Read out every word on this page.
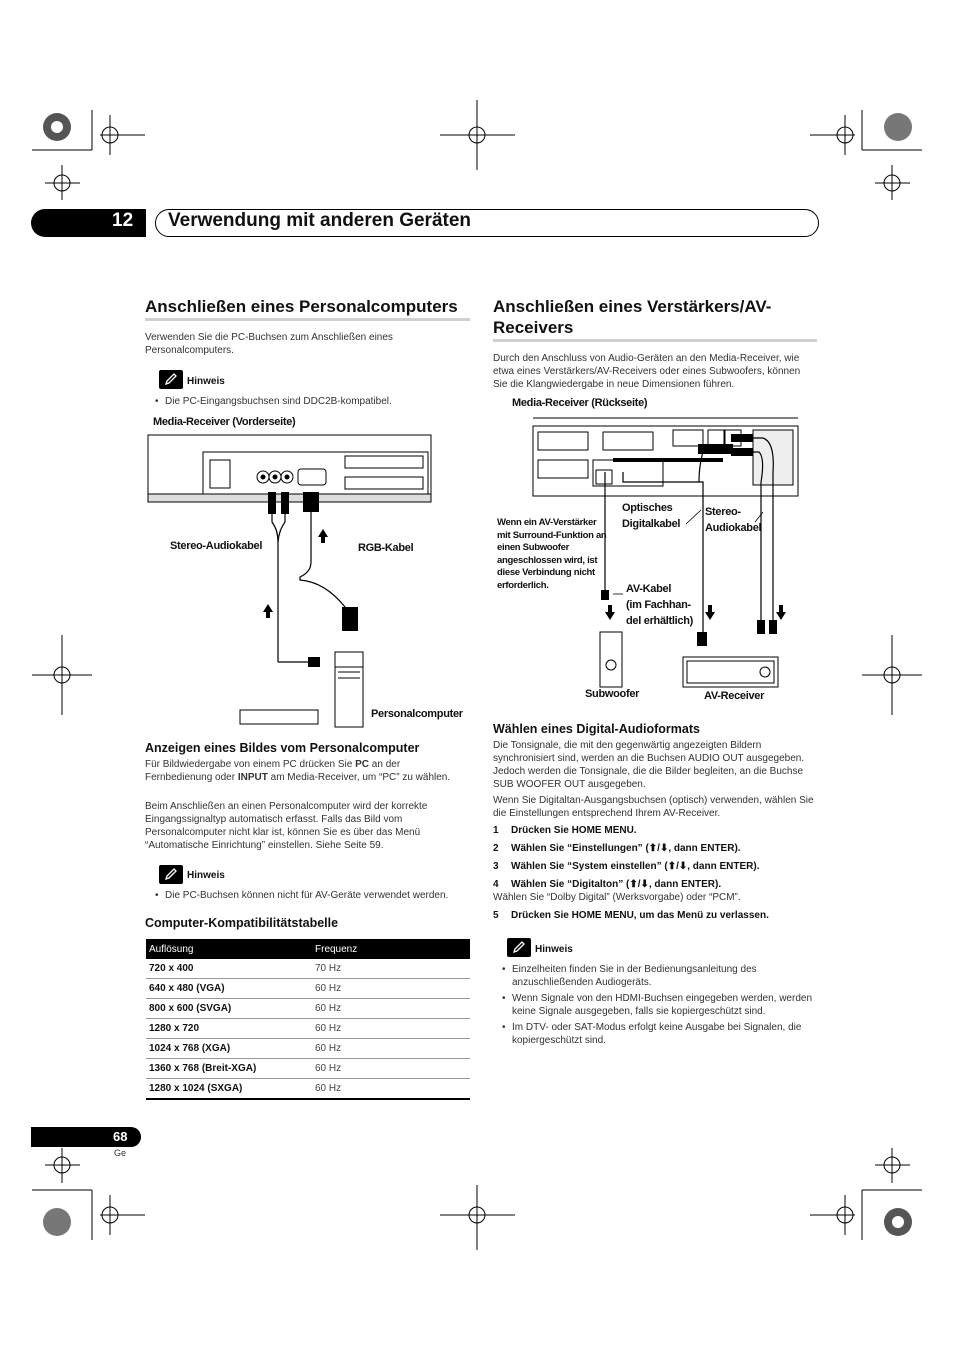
12 Verwendung mit anderen Geräten
Anschließen eines Personalcomputers

Verwenden Sie die PC-Buchsen zum Anschließen eines Personalcomputers.

Hinweis
• Die PC-Eingangsbuchsen sind DDC2B-kompatibel.
Media-Receiver (Vorderseite)
Stereo-Audiokabel	RGB-Kabel
Personalcomputer
Anzeigen eines Bildes vom Personalcomputer

Für Bildwiedergabe von einem PC drücken Sie PC an der Fernbedienung oder INPUT am Media-Receiver, um “PC” zu wählen.

Beim Anschließen an einen Personalcomputer wird der korrekte Eingangssignaltyp automatisch erfasst. Falls das Bild vom Personalcomputer nicht klar ist, können Sie es über das Menü “Automatische Einrichtung” einstellen. Siehe Seite 59.

Hinweis
• Die PC-Buchsen können nicht für AV-Geräte verwendet werden.
Computer-Kompatibilitätstabelle
Auflösung	Frequenz
720 x 400	70 Hz
640 x 480 (VGA)	60 Hz
800 x 600 (SVGA)	60 Hz
1280 x 720	60 Hz
1024 x 768 (XGA)	60 Hz
1360 x 768 (Breit-XGA)	60 Hz
1280 x 1024 (SXGA)	60 Hz
Anschließen eines Verstärkers/AV-
Receivers

Durch den Anschluss von Audio-Geräten an den Media-Receiver, wie etwa eines Verstärkers/AV-Receivers oder eines Subwoofers, können Sie die Klangwiedergabe in neue Dimensionen führen.

Media-Receiver (Rückseite)
Wenn ein AV-Verstärker mit Surround-Funktion an einen Subwoofer angeschlossen wird, ist diese Verbindung nicht erforderlich.
Optisches
Digitalkabel
Stereo-
Audiokabel
AV-Kabel
(im Fachhan-
del erhältlich)
Subwoofer	AV-Receiver
Wählen eines Digital-Audioformats

Die Tonsignale, die mit den gegenwärtig angezeigten Bildern synchronisiert sind, werden an die Buchsen AUDIO OUT ausgegeben. Jedoch werden die Tonsignale, die die Bilder begleiten, an die Buchse SUB WOOFER OUT ausgegeben.

Wenn Sie Digitaltan-Ausgangsbuchsen (optisch) verwenden, wählen Sie die Einstellungen entsprechend Ihrem AV-Receiver.

1 Drücken Sie HOME MENU.

2 Wählen Sie “Einstellungen” (⬆/⬇, dann ENTER).

3 Wählen Sie “System einstellen” (⬆/⬇, dann ENTER).

4 Wählen Sie “Digitalton” (⬆/⬇, dann ENTER).

Wählen Sie “Dolby Digital” (Werksvorgabe) oder “PCM”.

5 Drücken Sie HOME MENU, um das Menü zu verlassen.

Hinweis
• Einzelheiten finden Sie in der Bedienungsanleitung des anzuschließenden Audiogeräts.
• Wenn Signale von den HDMI-Buchsen eingegeben werden, werden keine Signale ausgegeben, falls sie kopiergeschützt sind.
• Im DTV- oder SAT-Modus erfolgt keine Ausgabe bei Signalen, die kopiergeschützt sind.
68
Ge
